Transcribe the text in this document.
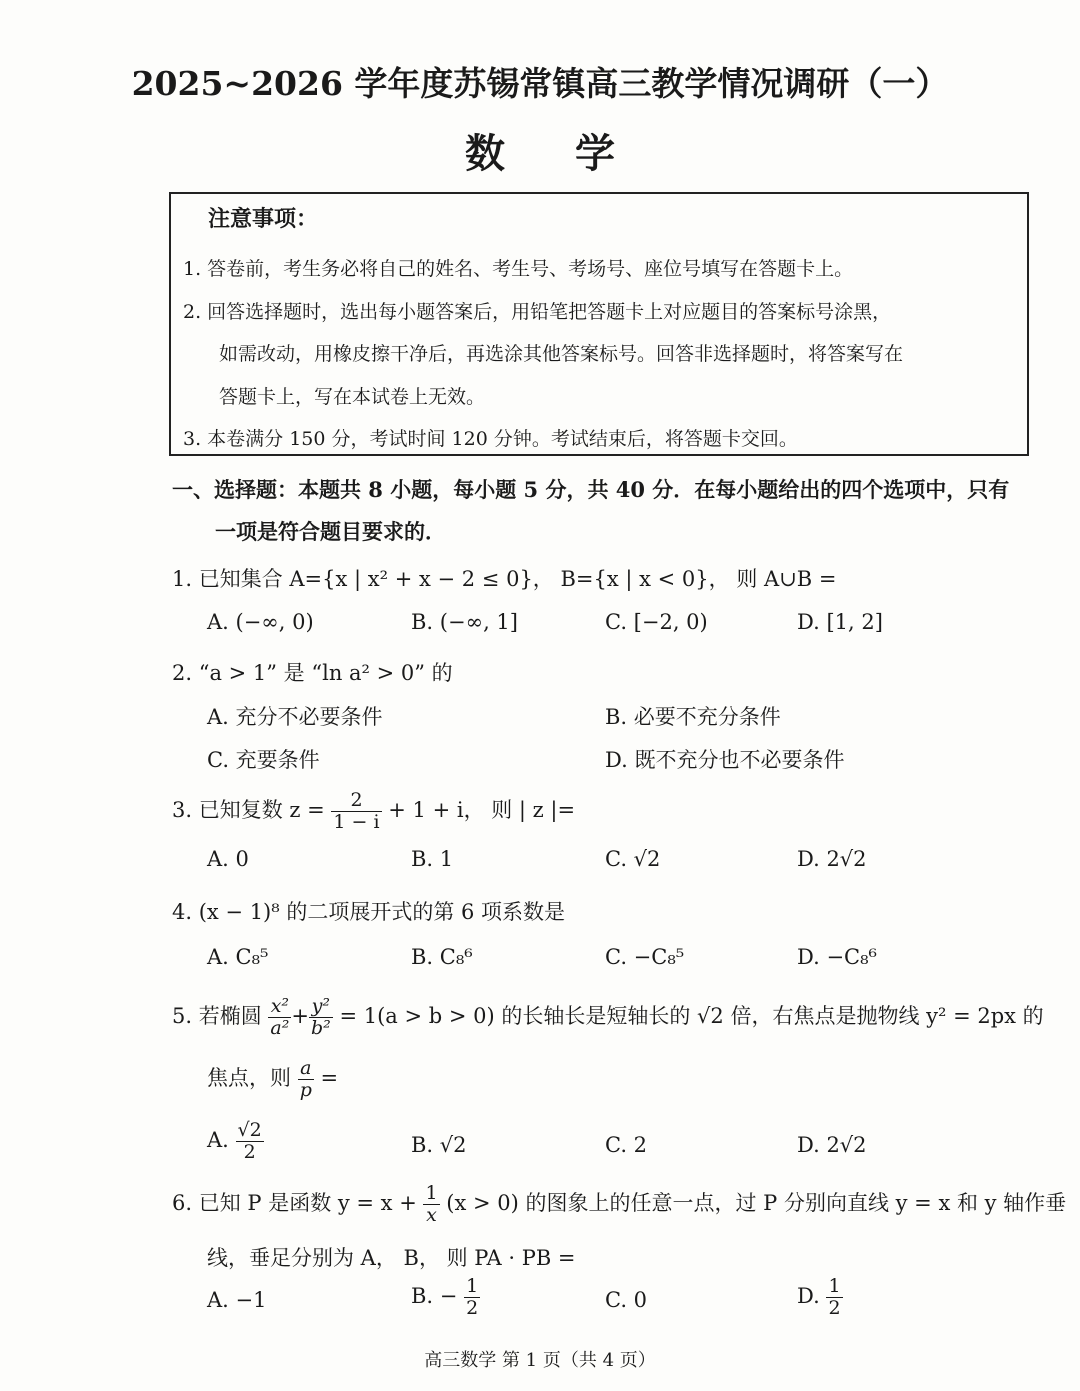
2025~2026 学年度苏锡常镇高三教学情况调研（一）
数学
注意事项：
1. 答卷前，考生务必将自己的姓名、考生号、考场号、座位号填写在答题卡上。
2. 回答选择题时，选出每小题答案后，用铅笔把答题卡上对应题目的答案标号涂黑，
如需改动，用橡皮擦干净后，再选涂其他答案标号。回答非选择题时，将答案写在
答题卡上，写在本试卷上无效。
3. 本卷满分 150 分，考试时间 120 分钟。考试结束后，将答题卡交回。
一、选择题：本题共 8 小题，每小题 5 分，共 40 分．在每小题给出的四个选项中，只有
一项是符合题目要求的．
1. 已知集合 A={x | x² + x − 2 ≤ 0}， B={x | x < 0}， 则 A∪B =
A. (−∞, 0)	B. (−∞, 1]	C. [−2, 0)	D. [1, 2]
2. “a > 1” 是 “ln a² > 0” 的
A. 充分不必要条件	B. 必要不充分条件
C. 充要条件	D. 既不充分也不必要条件
3. 已知复数 $z = \frac{2}{1 - i} + 1 + i$， 则 | z |=
A. 0	B. 1	C. √2	D. 2√2
4. (x − 1)⁸ 的二项展开式的第 6 项系数是
A. C₈⁵	B. C₈⁶	C. −C₈⁵	D. −C₈⁶
5. 若椭圆 $\frac{\text{x²}}{\text{a²}} + \frac{\text{y²}}{\text{b²}} = 1(a > b > 0)$ 的长轴长是短轴长的 √2 倍，右焦点是抛物线 y² = 2px 的
焦点，则 $\frac{a}{p}$ =
A. $\frac{√2}{2}$	B. √2	C. 2	D. 2√2
6. 已知 P 是函数 $y = x + \frac{1}{x} (x > 0)$ 的图象上的任意一点，过 P 分别向直线 y = x 和 y 轴作垂
线，垂足分别为 A， B， 则 PA · PB =
A. −1	B. − $\frac{1}{2}$	C. 0	D. $\frac{1}{2}$
高三数学 第 1 页（共 4 页）
